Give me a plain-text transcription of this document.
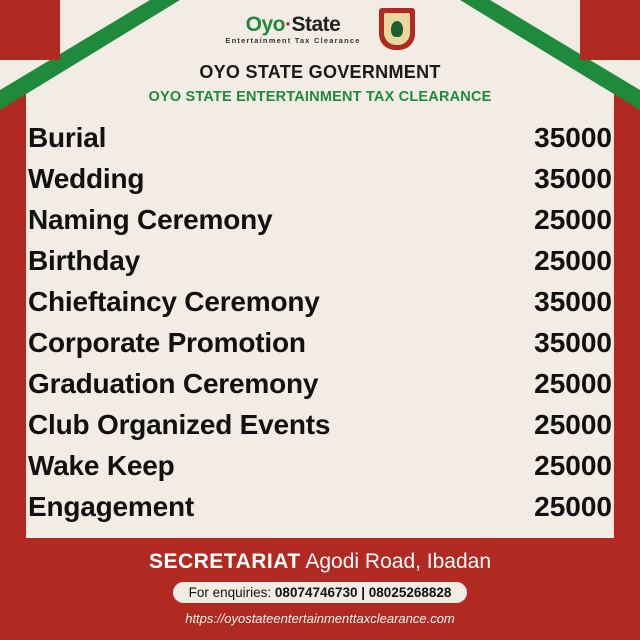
Oyo·State
Entertainment Tax Clearance
OYO STATE GOVERNMENT
OYO STATE ENTERTAINMENT TAX CLEARANCE
Burial	35000
Wedding	35000
Naming Ceremony	25000
Birthday	25000
Chieftaincy Ceremony	35000
Corporate Promotion	35000
Graduation Ceremony	25000
Club Organized Events	25000
Wake Keep	25000
Engagement	25000
SECRETARIAT Agodi Road, Ibadan
For enquiries: 08074746730 | 08025268828
https://oyostateentertainmenttaxclearance.com
